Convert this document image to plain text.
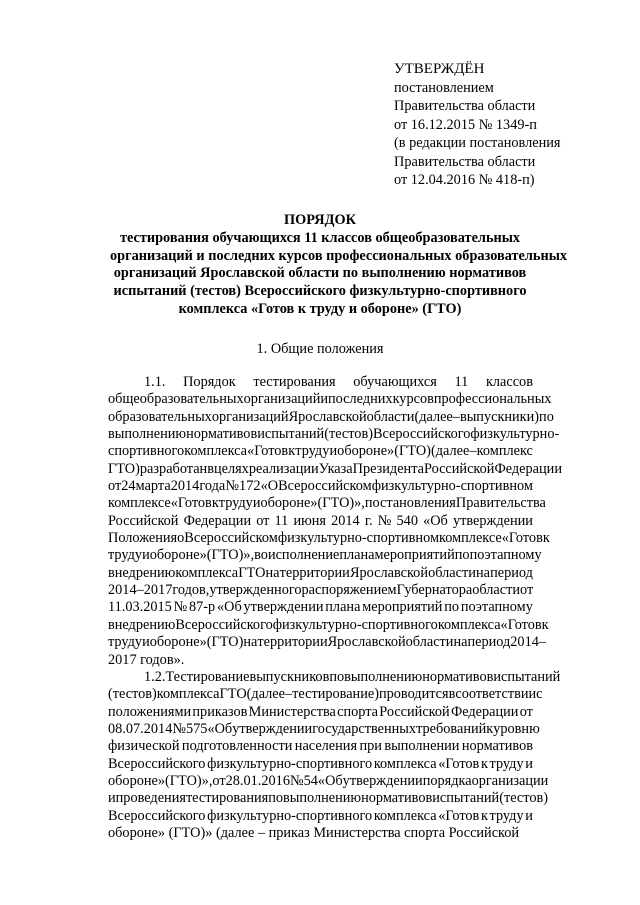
УТВЕРЖДЁН
постановлением
Правительства области
от 16.12.2015 № 1349-п
(в редакции постановления
Правительства области
от 12.04.2016 № 418-п)
ПОРЯДОК
тестирования обучающихся 11 классов общеобразовательных
организаций и последних курсов профессиональных образовательных
организаций Ярославской области по выполнению нормативов
испытаний (тестов) Всероссийского физкультурно-спортивного
комплекса «Готов к труду и обороне» (ГТО)
1. Общие положения
1.1. Порядок тестирования обучающихся 11 классов
общеобразовательных организаций и последних курсов профессиональных
образовательных организаций Ярославской области (далее – выпускники) по
выполнению нормативов испытаний (тестов) Всероссийского физкультурно-
спортивного комплекса «Готов к труду и обороне» (ГТО) (далее – комплекс
ГТО) разработан в целях реализации Указа Президента Российской Федерации
от 24 марта 2014 года № 172 «О Всероссийском физкультурно-спортивном
комплексе «Готов к труду и обороне» (ГТО)», постановления Правительства
Российской Федерации от 11 июня 2014 г. № 540 «Об утверждении
Положения о Всероссийском физкультурно-спортивном комплексе «Готов к
труду и обороне» (ГТО)», во исполнение плана мероприятий по поэтапному
внедрению комплекса ГТО на территории Ярославской области на период
2014 – 2017 годов, утвержденного распоряжением Губернатора области от
11.03.2015 № 87-р «Об утверждении плана мероприятий по поэтапному
внедрению Всероссийского физкультурно-спортивного комплекса «Готов к
труду и обороне» (ГТО) на территории Ярославской области на период 2014 –
2017 годов».
1.2. Тестирование выпускников по выполнению нормативов испытаний
(тестов) комплекса ГТО (далее – тестирование) проводится в соответствии с
положениями приказов Министерства спорта Российской Федерации от
08.07.2014 № 575 «Об утверждении государственных требований к уровню
физической подготовленности населения при выполнении нормативов
Всероссийского физкультурно-спортивного комплекса «Готов к труду и
обороне» (ГТО)», от 28.01.2016 № 54 «Об утверждении порядка организации
и проведения тестирования по выполнению нормативов испытаний (тестов)
Всероссийского физкультурно-спортивного комплекса «Готов к труду и
обороне» (ГТО)» (далее – приказ Министерства спорта Российской
